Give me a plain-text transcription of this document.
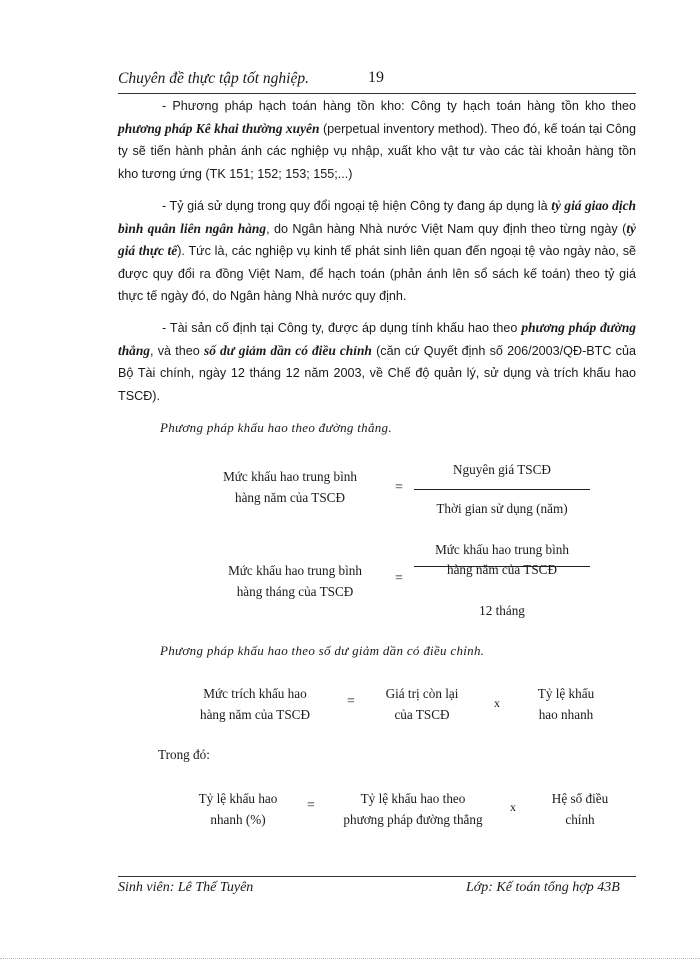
Chuyên đề thực tập tốt nghiệp.	19
- Phương pháp hạch toán hàng tồn kho: Công ty hạch toán hàng tồn kho theo phương pháp Kê khai thường xuyên (perpetual inventory method). Theo đó, kế toán tại Công ty sẽ tiến hành phản ánh các nghiệp vụ nhập, xuất kho vật tư vào các tài khoản hàng tồn kho tương ứng (TK 151; 152; 153; 155;...)
- Tỷ giá sử dụng trong quy đổi ngoại tệ hiện Công ty đang áp dụng là tỷ giá giao dịch bình quân liên ngân hàng, do Ngân hàng Nhà nước Việt Nam quy định theo từng ngày (tỷ giá thực tế). Tức là, các nghiệp vụ kinh tế phát sinh liên quan đến ngoại tệ vào ngày nào, sẽ được quy đổi ra đồng Việt Nam, để hạch toán (phản ánh lên sổ sách kế toán) theo tỷ giá thực tế ngày đó, do Ngân hàng Nhà nước quy định.
- Tài sản cố định tại Công ty, được áp dụng tính khấu hao theo phương pháp đường thẳng, và theo số dư giảm dần có điều chỉnh (căn cứ Quyết định số 206/2003/QĐ-BTC của Bộ Tài chính, ngày 12 tháng 12 năm 2003, về Chế độ quản lý, sử dụng và trích khấu hao TSCĐ).
Phương pháp khấu hao theo đường thẳng.
Mức khấu hao trung bình
hàng năm của TSCĐ
=
Nguyên giá TSCĐ
Thời gian sử dụng (năm)
Mức khấu hao trung bình
hàng tháng của TSCĐ
=
Mức khấu hao trung bình
hàng năm của TSCĐ
12 tháng
Phương pháp khấu hao theo số dư giảm dần có điều chỉnh.
Mức trích khấu hao
hàng năm của TSCĐ
=
Giá trị còn lại
của TSCĐ
x
Tỷ lệ khấu
hao nhanh
Trong đó:
Tỷ lệ khấu hao
nhanh (%)
=	Tỷ lệ khấu hao theo
phương pháp đường thẳng
x
Hệ số điều
chỉnh
Sinh viên: Lê Thế Tuyên	Lớp: Kế toán tổng hợp 43B
